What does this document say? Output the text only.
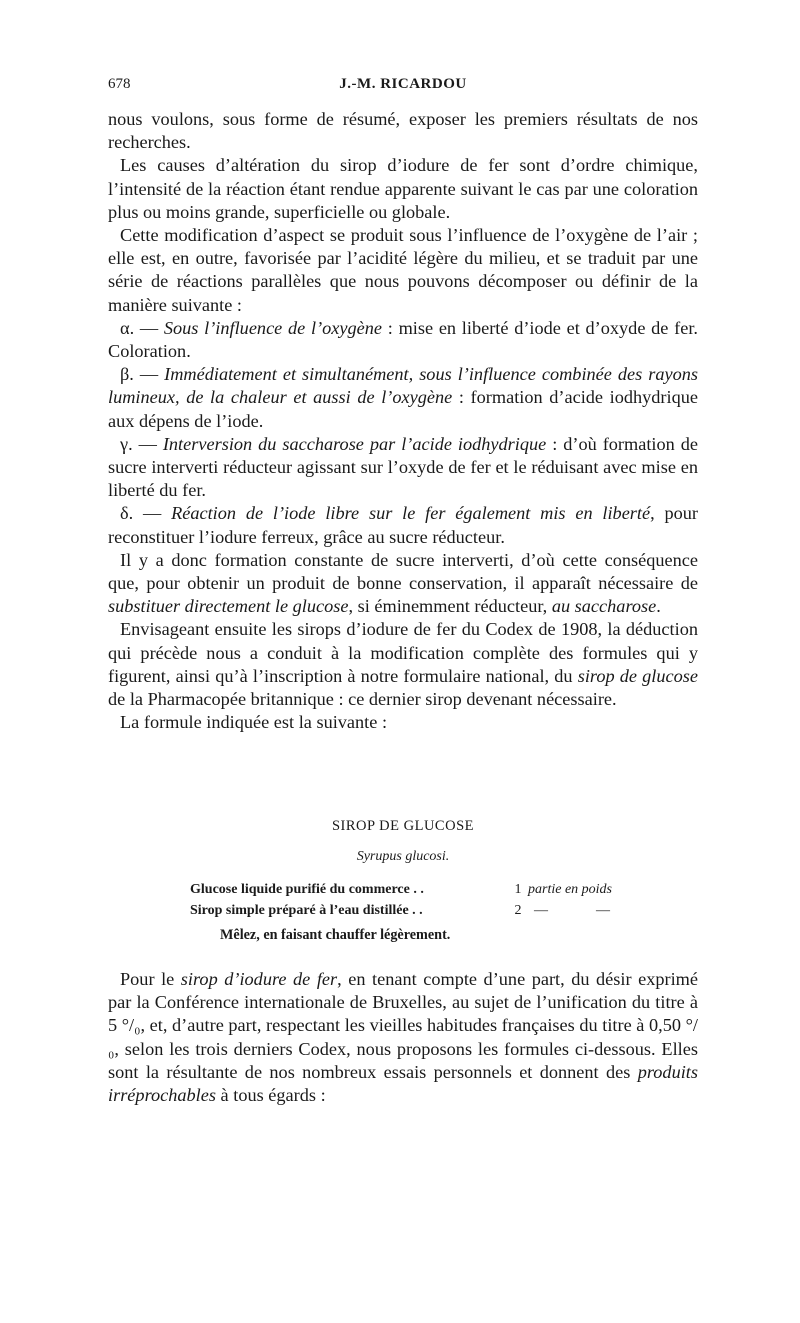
678	J.-M. RICARDOU

nous voulons, sous forme de résumé, exposer les premiers résultats de nos recherches.

Les causes d’altération du sirop d’iodure de fer sont d’ordre chimique, l’intensité de la réaction étant rendue apparente suivant le cas par une coloration plus ou moins grande, superficielle ou globale.

Cette modification d’aspect se produit sous l’influence de l’oxygène de l’air ; elle est, en outre, favorisée par l’acidité légère du milieu, et se traduit par une série de réactions parallèles que nous pouvons décomposer ou définir de la manière suivante :

α. — Sous l’influence de l’oxygène : mise en liberté d’iode et d’oxyde de fer. Coloration.

β. — Immédiatement et simultanément, sous l’influence combinée des rayons lumineux, de la chaleur et aussi de l’oxygène : formation d’acide iodhydrique aux dépens de l’iode.

γ. — Interversion du saccharose par l’acide iodhydrique : d’où formation de sucre interverti réducteur agissant sur l’oxyde de fer et le réduisant avec mise en liberté du fer.

δ. — Réaction de l’iode libre sur le fer également mis en liberté, pour reconstituer l’iodure ferreux, grâce au sucre réducteur.

Il y a donc formation constante de sucre interverti, d’où cette conséquence que, pour obtenir un produit de bonne conservation, il apparaît nécessaire de substituer directement le glucose, si éminemment réducteur, au saccharose.

Envisageant ensuite les sirops d’iodure de fer du Codex de 1908, la déduction qui précède nous a conduit à la modification complète des formules qui y figurent, ainsi qu’à l’inscription à notre formulaire national, du sirop de glucose de la Pharmacopée britannique : ce dernier sirop devenant nécessaire.

La formule indiquée est la suivante :

SIROP DE GLUCOSE
Syrupus glucosi.
Glucose liquide purifié du commerce . .	1 partie en poids
Sirop simple préparé à l’eau distillée . .	2 —	—
Mêlez, en faisant chauffer légèrement.

Pour le sirop d’iodure de fer, en tenant compte d’une part, du désir exprimé par la Conférence internationale de Bruxelles, au sujet de l’unification du titre à 5 °/₀, et, d’autre part, respectant les vieilles habitudes françaises du titre à 0,50 °/₀, selon les trois derniers Codex, nous proposons les formules ci-dessous. Elles sont la résultante de nos nombreux essais personnels et donnent des produits irréprochables à tous égards :
